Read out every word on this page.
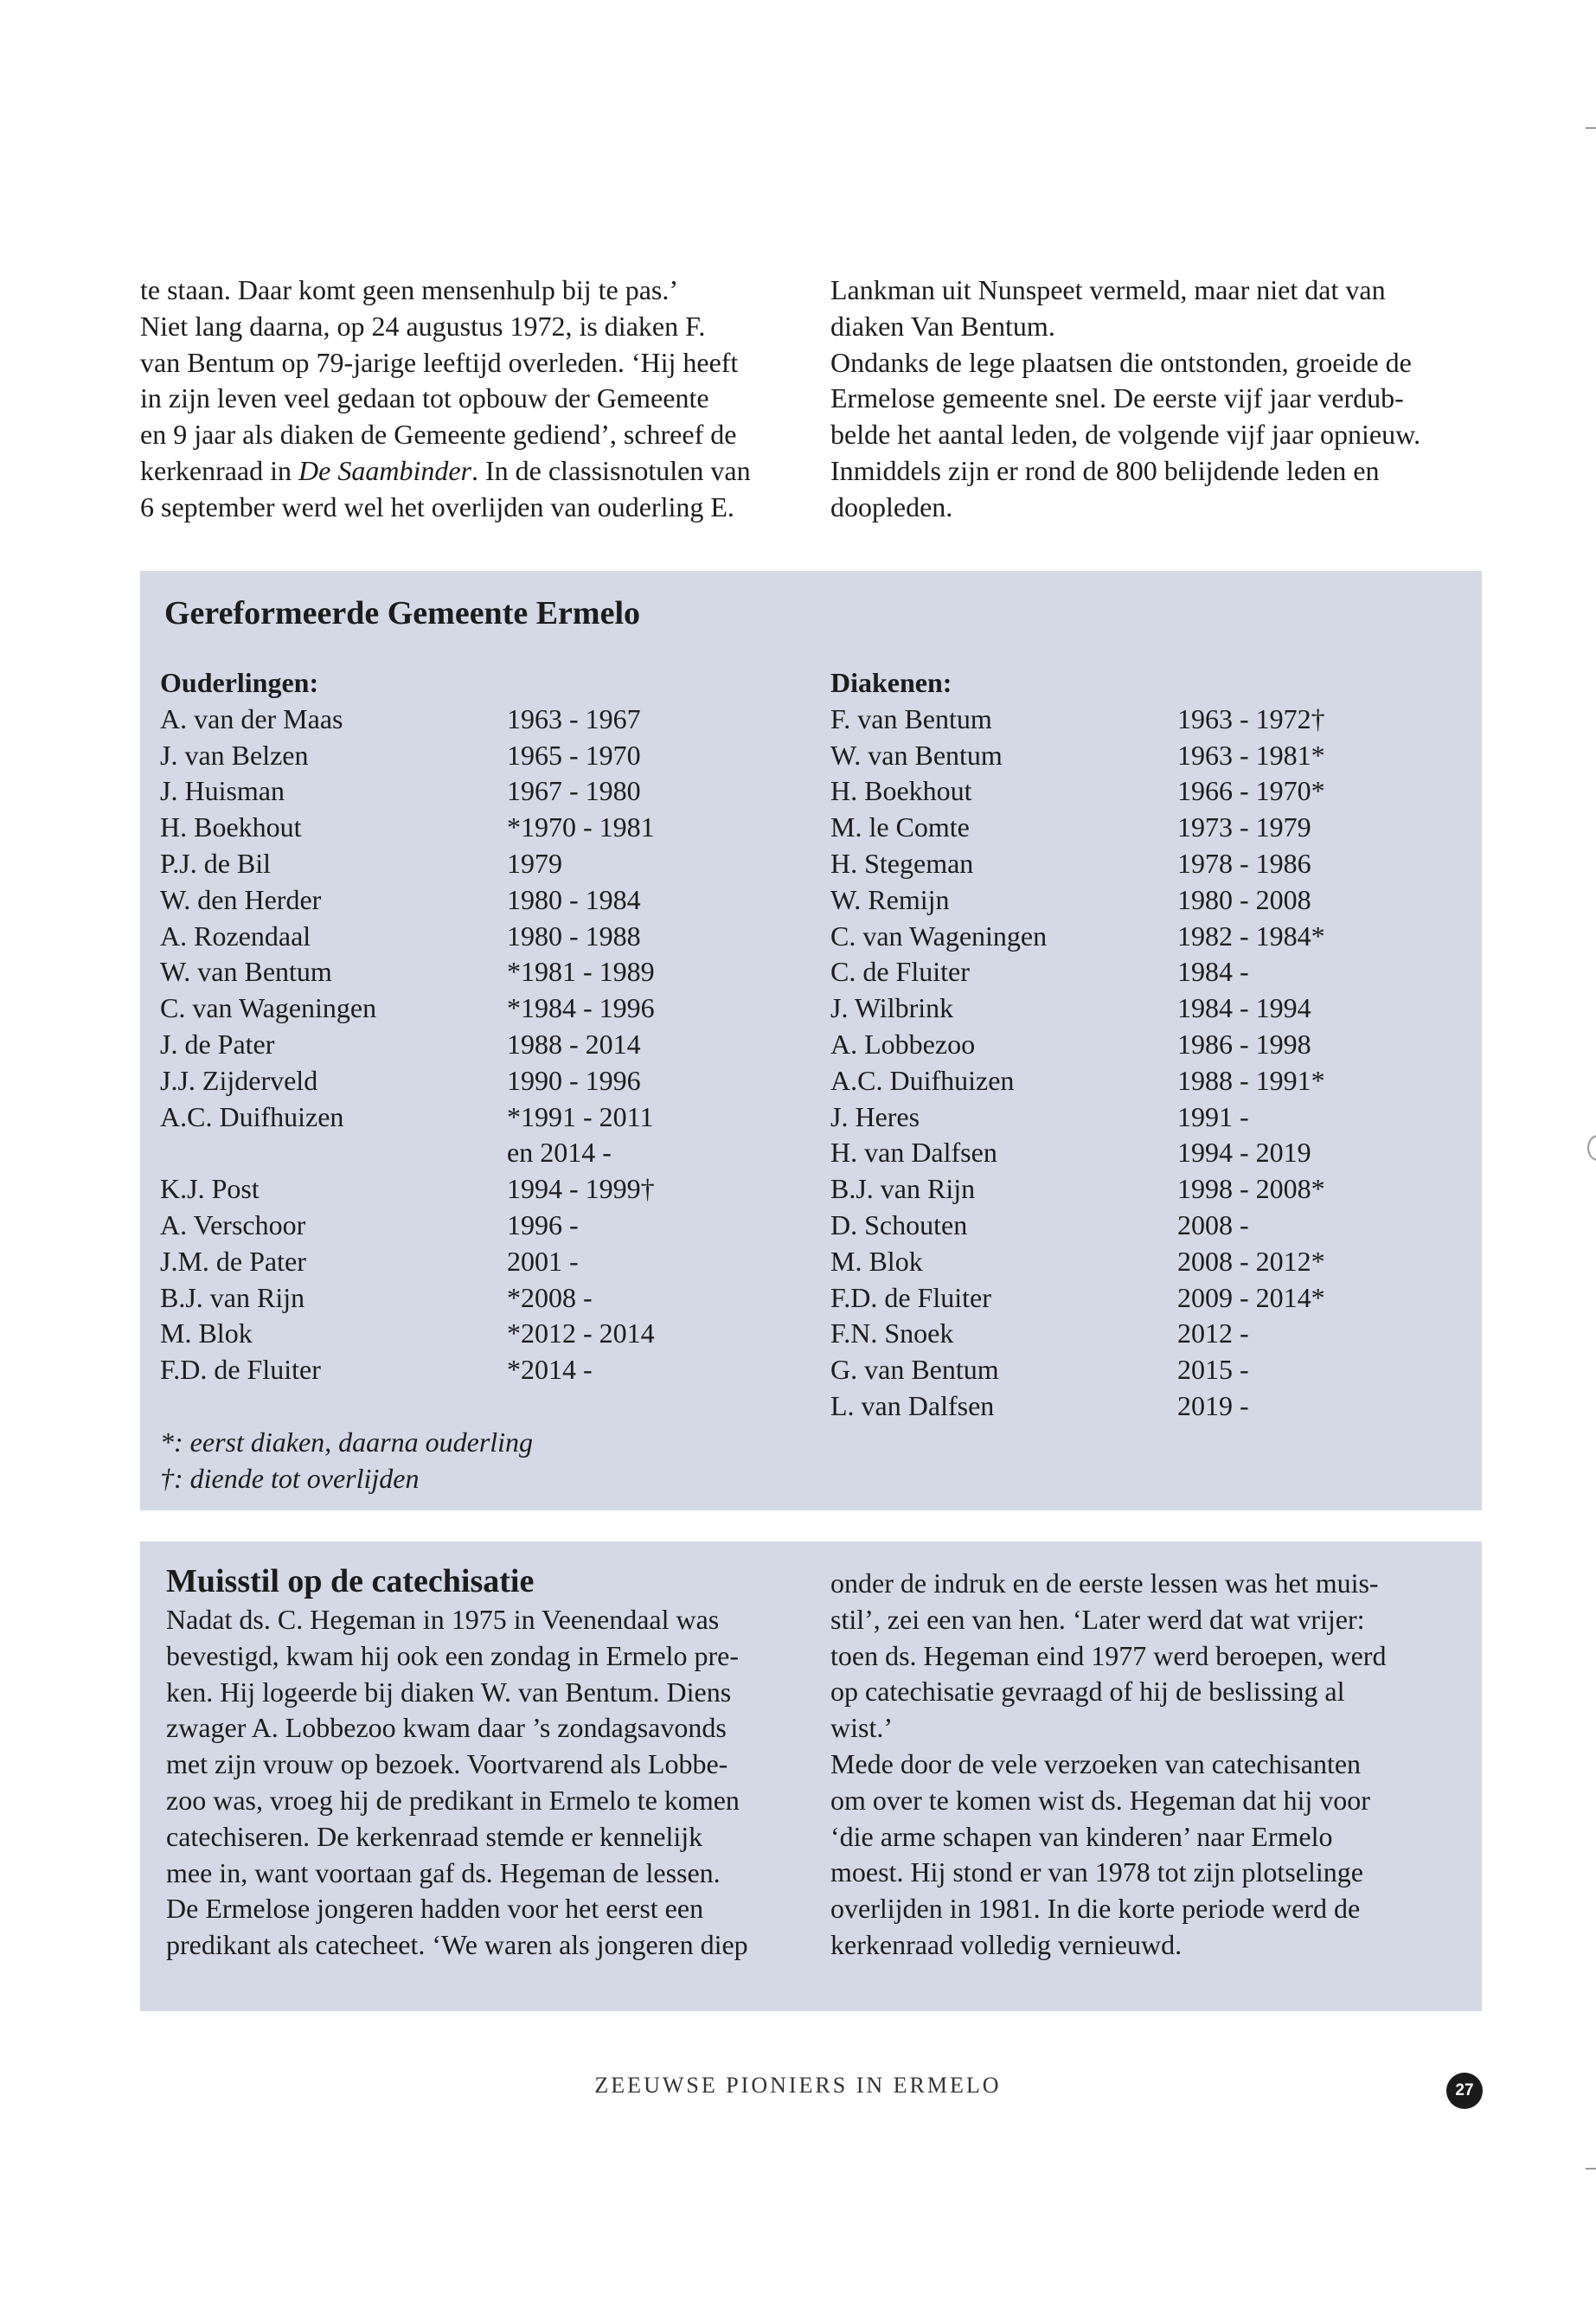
te staan. Daar komt geen mensenhulp bij te pas.’

Niet lang daarna, op 24 augustus 1972, is diaken F.

van Bentum op 79-jarige leeftijd overleden. ‘Hij heeft

in zijn leven veel gedaan tot opbouw der Gemeente

en 9 jaar als diaken de Gemeente gediend’, schreef de

kerkenraad in De Saambinder. In de classisnotulen van

6 september werd wel het overlijden van ouderling E.

Lankman uit Nunspeet vermeld, maar niet dat van

diaken Van Bentum.

Ondanks de lege plaatsen die ontstonden, groeide de

Ermelose gemeente snel. De eerste vijf jaar verdub-

belde het aantal leden, de volgende vijf jaar opnieuw.

Inmiddels zijn er rond de 800 belijdende leden en

doopleden.

Gereformeerde Gemeente Ermelo
Ouderlingen:
A. van der Maas	1963 - 1967
J. van Belzen	1965 - 1970
J. Huisman	1967 - 1980
H. Boekhout	*1970 - 1981
P.J. de Bil	1979
W. den Herder	1980 - 1984
A. Rozendaal	1980 - 1988
W. van Bentum	*1981 - 1989
C. van Wageningen	*1984 - 1996
J. de Pater	1988 - 2014
J.J. Zijderveld	1990 - 1996
A.C. Duifhuizen	*1991 - 2011
en 2014 -
K.J. Post	1994 - 1999†
A. Verschoor	1996 -
J.M. de Pater	2001 -
B.J. van Rijn	*2008 -
M. Blok	*2012 - 2014
F.D. de Fluiter	*2014 -
*: eerst diaken, daarna ouderling
†: diende tot overlijden
Diakenen:
F. van Bentum	1963 - 1972†
W. van Bentum	1963 - 1981*
H. Boekhout	1966 - 1970*
M. le Comte	1973 - 1979
H. Stegeman	1978 - 1986
W. Remijn	1980 - 2008
C. van Wageningen	1982 - 1984*
C. de Fluiter	1984 -
J. Wilbrink	1984 - 1994
A. Lobbezoo	1986 - 1998
A.C. Duifhuizen	1988 - 1991*
J. Heres	1991 -
H. van Dalfsen	1994 - 2019
B.J. van Rijn	1998 - 2008*
D. Schouten	2008 -
M. Blok	2008 - 2012*
F.D. de Fluiter	2009 - 2014*
F.N. Snoek	2012 -
G. van Bentum	2015 -
L. van Dalfsen	2019 -
Muisstil op de catechisatie

Nadat ds. C. Hegeman in 1975 in Veenendaal was

bevestigd, kwam hij ook een zondag in Ermelo pre-

ken. Hij logeerde bij diaken W. van Bentum. Diens

zwager A. Lobbezoo kwam daar ’s zondagsavonds

met zijn vrouw op bezoek. Voortvarend als Lobbe-

zoo was, vroeg hij de predikant in Ermelo te komen

catechiseren. De kerkenraad stemde er kennelijk

mee in, want voortaan gaf ds. Hegeman de lessen.

De Ermelose jongeren hadden voor het eerst een

predikant als catecheet. ‘We waren als jongeren diep

onder de indruk en de eerste lessen was het muis-

stil’, zei een van hen. ‘Later werd dat wat vrijer:

toen ds. Hegeman eind 1977 werd beroepen, werd

op catechisatie gevraagd of hij de beslissing al

wist.’

Mede door de vele verzoeken van catechisanten

om over te komen wist ds. Hegeman dat hij voor

‘die arme schapen van kinderen’ naar Ermelo

moest. Hij stond er van 1978 tot zijn plotselinge

overlijden in 1981. In die korte periode werd de

kerkenraad volledig vernieuwd.

ZEEUWSE PIONIERS IN ERMELO	27
